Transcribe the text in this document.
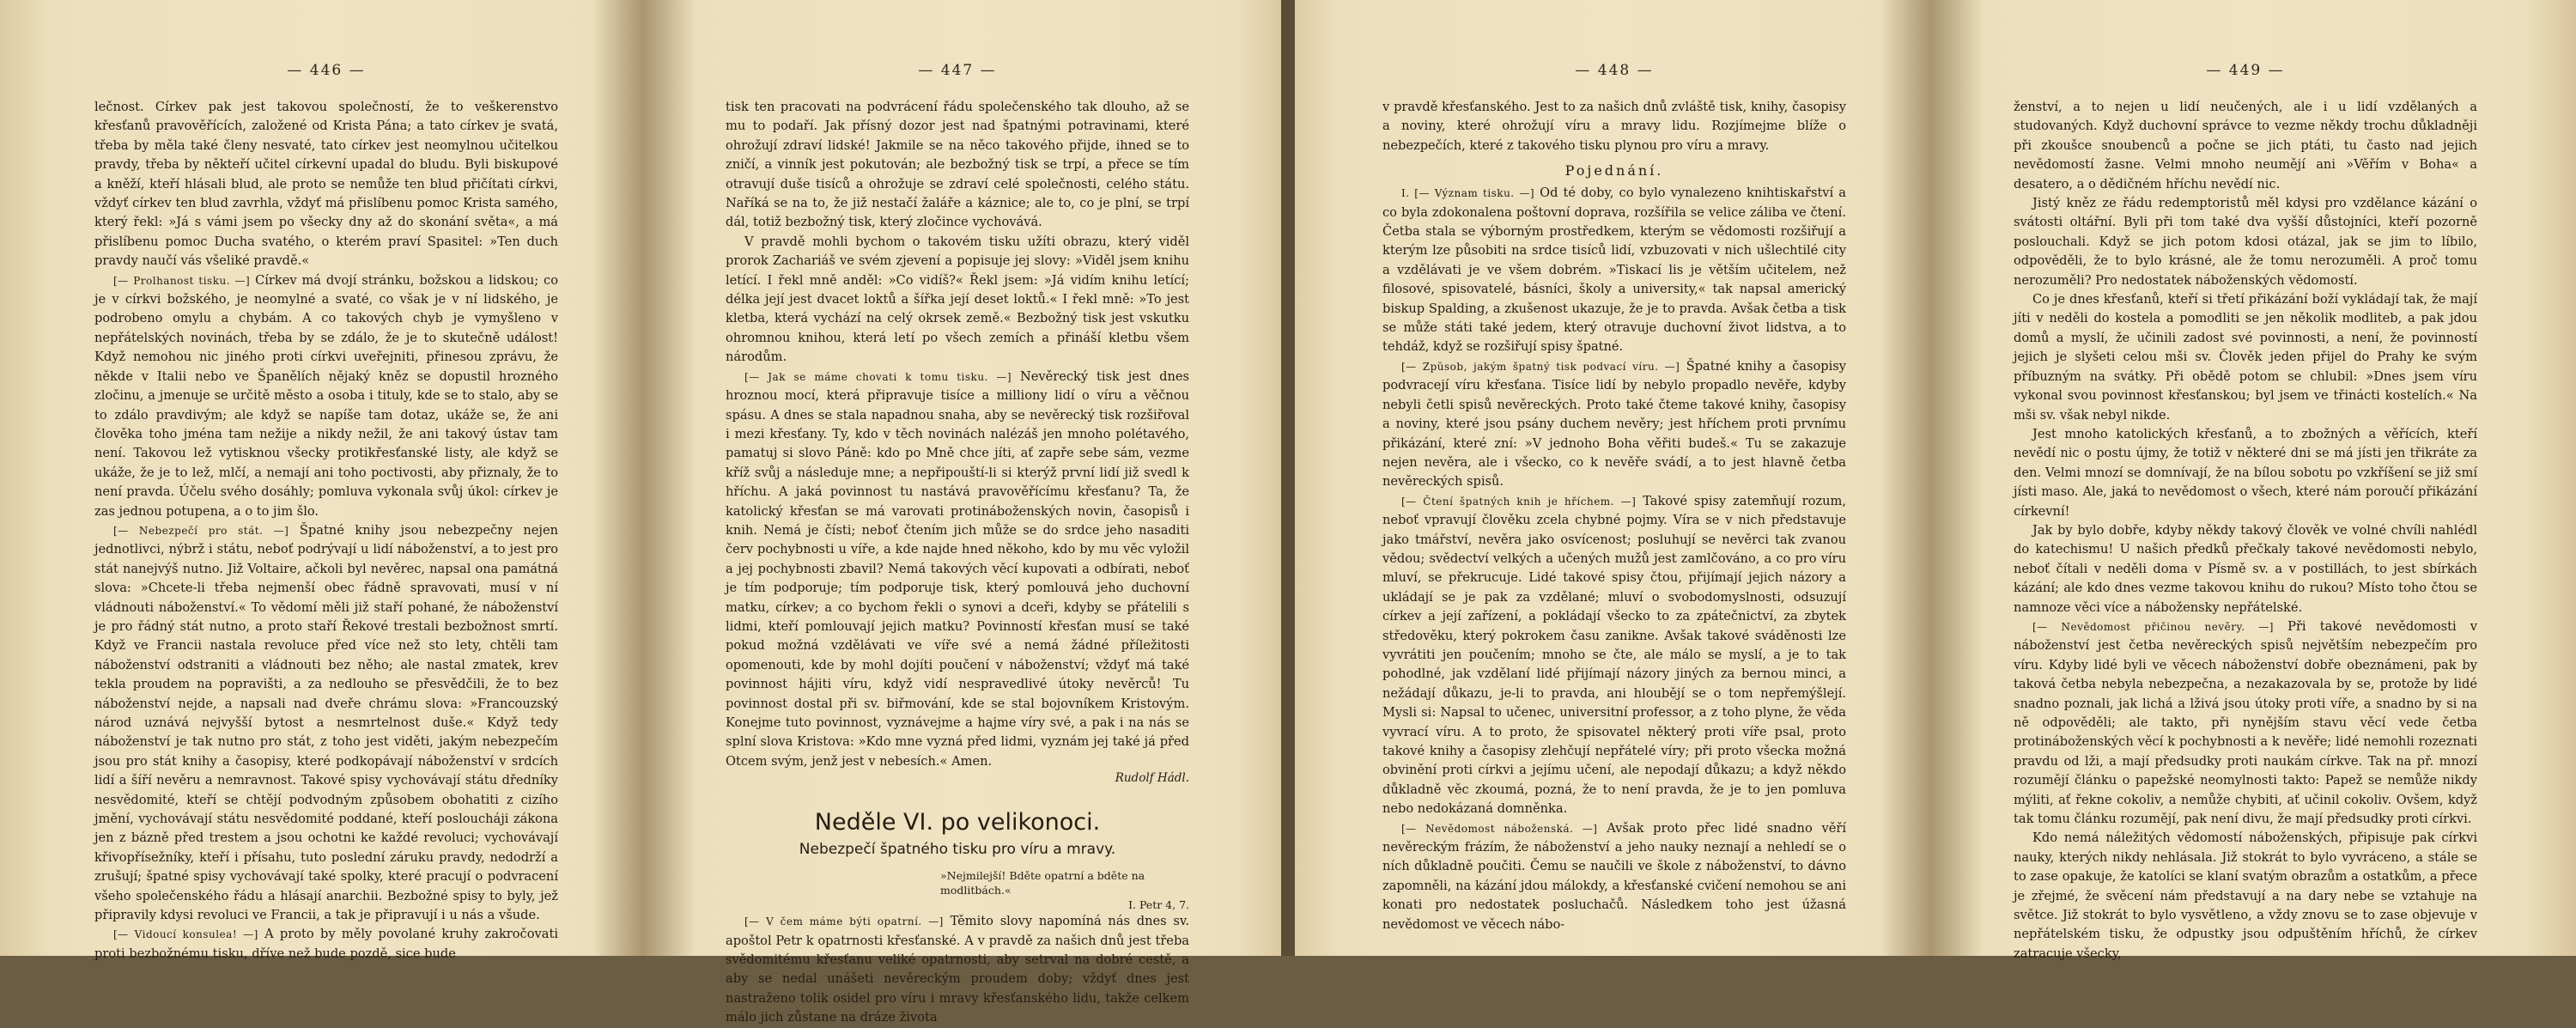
— 446 —

lečnost. Církev pak jest takovou společností, že to veškerenstvo křesťanů pravověřících, založené od Krista Pána; a tato církev je svatá, třeba by měla také členy nesvaté, tato církev jest neomylnou učitelkou pravdy, třeba by někteří učitel církevní upadal do bludu. Byli biskupové a kněží, kteří hlásali blud, ale proto se nemůže ten blud přičítati církvi, vždyť církev ten blud zavrhla, vždyť má přislíbenu pomoc Krista samého, který řekl: »Já s vámi jsem po všecky dny až do skonání světa«, a má přislíbenu pomoc Ducha svatého, o kterém praví Spasitel: »Ten duch pravdy naučí vás všeliké pravdě.«

[— Prolhanost tisku. —] Církev má dvojí stránku, božskou a lidskou; co je v církvi božského, je neomylné a svaté, co však je v ní lidského, je podrobeno omylu a chybám. A co takových chyb je vymyšleno v nepřátelských novinách, třeba by se zdálo, že je to skutečně událost! Když nemohou nic jiného proti církvi uveřejniti, přinesou zprávu, že někde v Italii nebo ve Španělích nějaký kněz se dopustil hrozného zločinu, a jmenuje se určitě město a osoba i tituly, kde se to stalo, aby se to zdálo pravdivým; ale když se napíše tam dotaz, ukáže se, že ani člověka toho jména tam nežije a nikdy nežil, že ani takový ústav tam není. Takovou lež vytisknou všecky protikřesťanské listy, ale když se ukáže, že je to lež, mlčí, a nemají ani toho poctivosti, aby přiznaly, že to není pravda. Účelu svého dosáhly; pomluva vykonala svůj úkol: církev je zas jednou potupena, a o to jim šlo.

[— Nebezpečí pro stát. —] Špatné knihy jsou nebezpečny nejen jednotlivci, nýbrž i státu, neboť podrývají u lidí náboženství, a to jest pro stát nanejvýš nutno. Již Voltaire, ačkoli byl nevěrec, napsal ona památná slova: »Chcete-li třeba nejmenší obec řádně spravovati, musí v ní vládnouti náboženství.« To vědomí měli již staří pohané, že náboženství je pro řádný stát nutno, a proto staří Řekové trestali bezbožnost smrtí. Když ve Francii nastala revoluce před více než sto lety, chtěli tam náboženství odstraniti a vládnouti bez něho; ale nastal zmatek, krev tekla proudem na popravišti, a za nedlouho se přesvědčili, že to bez náboženství nejde, a napsali nad dveře chrámu slova: »Francouzský národ uznává nejvyšší bytost a nesmrtelnost duše.« Když tedy náboženství je tak nutno pro stát, z toho jest viděti, jakým nebezpečím jsou pro stát knihy a časopisy, které podkopávají náboženství v srdcích lidí a šíří nevěru a nemravnost. Takové spisy vychovávají státu dředníky nesvědomité, kteří se chtějí podvodným způsobem obohatiti z cizího jmění, vychovávají státu nesvědomité poddané, kteří posloucháji zákona jen z bázně před trestem a jsou ochotni ke každé revoluci; vychovávají křivopřísežníky, kteří i přísahu, tuto poslední záruku pravdy, nedodrží a zrušují; špatné spisy vychovávají také spolky, které pracují o podvracení všeho společenského řádu a hlásají anarchii. Bezbožné spisy to byly, jež připravily kdysi revoluci ve Francii, a tak je připravují i u nás a všude.

[— Vidoucí konsulea! —] A proto by měly povolané kruhy zakročovati proti bezbožnému tisku, dříve než bude pozdě, sice bude

— 447 —

tisk ten pracovati na podvrácení řádu společenského tak dlouho, až se mu to podaří. Jak přísný dozor jest nad špatnými potravinami, které ohrožují zdraví lidské! Jakmile se na něco takového přijde, ihned se to zničí, a vinník jest pokutován; ale bezbožný tisk se trpí, a přece se tím otravují duše tisíců a ohrožuje se zdraví celé společnosti, celého státu. Naříká se na to, že již nestačí žaláře a káznice; ale to, co je plní, se trpí dál, totiž bezbožný tisk, který zločince vychovává.

V pravdě mohli bychom o takovém tisku užíti obrazu, který viděl prorok Zachariáš ve svém zjevení a popisuje jej slovy: »Viděl jsem knihu letící. I řekl mně anděl: »Co vidíš?« Řekl jsem: »Já vidím knihu letící; délka její jest dvacet loktů a šířka její deset loktů.« I řekl mně: »To jest kletba, která vychází na celý okrsek země.« Bezbožný tisk jest vskutku ohromnou knihou, která letí po všech zemích a přináší kletbu všem národům.

[— Jak se máme chovati k tomu tisku. —] Nevěrecký tisk jest dnes hroznou mocí, která připravuje tisíce a milliony lidí o víru a věčnou spásu. A dnes se stala napadnou snaha, aby se nevěrecký tisk rozšiřoval i mezi křesťany. Ty, kdo v těch novinách nalézáš jen mnoho polétavého, pamatuj si slovo Páně: kdo po Mně chce jíti, ať zapře sebe sám, vezme kříž svůj a následuje mne; a nepřipouští-li si kterýž první lidí již svedl k hříchu. A jaká povinnost tu nastává pravověřícímu křesťanu? Ta, že katolický křesťan se má varovati protináboženských novin, časopisů i knih. Nemá je čísti; neboť čtením jich může se do srdce jeho nasaditi červ pochybnosti u víře, a kde najde hned někoho, kdo by mu věc vyložil a jej pochybnosti zbavil? Nemá takových věcí kupovati a odbírati, neboť je tím podporuje; tím podporuje tisk, který pomlouvá jeho duchovní matku, církev; a co bychom řekli o synovi a dceři, kdyby se přátelili s lidmi, kteří pomlouvají jejich matku? Povinností křesťan musí se také pokud možná vzdělávati ve víře své a nemá žádné příležitosti opomenouti, kde by mohl dojíti poučení v náboženství; vždyť má také povinnost hájiti víru, když vidí nespravedlivé útoky nevěrců! Tu povinnost dostal při sv. biřmování, kde se stal bojovníkem Kristovým. Konejme tuto povinnost, vyznávejme a hajme víry své, a pak i na nás se splní slova Kristova: »Kdo mne vyzná před lidmi, vyznám jej také já před Otcem svým, jenž jest v nebesích.« Amen.

Rudolf Hádl.
Neděle VI. po velikonoci.
Nebezpečí špatného tisku pro víru a mravy.
»Nejmilejší! Bděte opatrní a bděte na modlitbách.«
I. Petr 4, 7.

[— V čem máme býti opatrní. —] Těmito slovy napomíná nás dnes sv. apoštol Petr k opatrnosti křesťanské. A v pravdě za našich dnů jest třeba svědomitému křesťanu veliké opatrnosti, aby setrval na dobré cestě, a aby se nedal unášeti nevěreckým proudem doby; vždyť dnes jest nastraženo tolik osidel pro víru i mravy křesťanského lidu, takže celkem málo jich zůstane na dráze života

— 448 —

v pravdě křesťanského. Jest to za našich dnů zvláště tisk, knihy, časopisy a noviny, které ohrožují víru a mravy lidu. Rozjímejme blíže o nebezpečích, které z takového tisku plynou pro víru a mravy.

Pojednání.

I. [— Význam tisku. —] Od té doby, co bylo vynalezeno knihtiskařství a co byla zdokonalena poštovní doprava, rozšířila se velice záliba ve čtení. Četba stala se výborným prostředkem, kterým se vědomosti rozšiřují a kterým lze působiti na srdce tisíců lidí, vzbuzovati v nich ušlechtilé city a vzdělávati je ve všem dobrém. »Tiskací lis je větším učitelem, než filosové, spisovatelé, básníci, školy a university,« tak napsal americký biskup Spalding, a zkušenost ukazuje, že je to pravda. Avšak četba a tisk se může státi také jedem, který otravuje duchovní život lidstva, a to tehdáž, když se rozšiřují spisy špatné.

[— Zpŭsob, jakým špatný tisk podvací víru. —] Špatné knihy a časopisy podvracejí víru křesťana. Tisíce lidí by nebylo propadlo nevěře, kdyby nebyli četli spisů nevěreckých. Proto také čteme takové knihy, časopisy a noviny, které jsou psány duchem nevěry; jest hříchem proti prvnímu přikázání, které zní: »V jednoho Boha věřiti budeš.« Tu se zakazuje nejen nevěra, ale i všecko, co k nevěře svádí, a to jest hlavně četba nevěreckých spisů.

[— Čtení špatných knih je hříchem. —] Takové spisy zatemňují rozum, neboť vpravují člověku zcela chybné pojmy. Víra se v nich představuje jako tmářství, nevěra jako osvícenost; posluhují se nevěrci tak zvanou vědou; svědectví velkých a učených mužů jest zamlčováno, a co pro víru mluví, se překrucuje. Lidé takové spisy čtou, přijímají jejich názory a ukládají se je pak za vzdělané; mluví o svobodomyslnosti, odsuzují církev a její zařízení, a pokládají všecko to za zpátečnictví, za zbytek středověku, který pokrokem času zanikne. Avšak takové sváděnosti lze vyvrátiti jen poučením; mnoho se čte, ale málo se myslí, a je to tak pohodlné, jak vzdělaní lidé přijímají názory jiných za bernou minci, a nežádají důkazu, je-li to pravda, ani hloubějí se o tom nepřemýšlejí. Mysli si: Napsal to učenec, universitní professor, a z toho plyne, že věda vyvrací víru. A to proto, že spisovatel některý proti víře psal, proto takové knihy a časopisy zlehčují nepřátelé víry; při proto všecka možná obvinění proti církvi a jejímu učení, ale nepodají důkazu; a když někdo důkladně věc zkoumá, pozná, že to není pravda, že je to jen pomluva nebo nedokázaná domněnka.

[— Nevědomost náboženská. —] Avšak proto přec lidé snadno věří nevěreckým frázím, že náboženství a jeho nauky neznají a nehledí se o ních důkladně poučiti. Čemu se naučili ve škole z náboženství, to dávno zapomněli, na kázání jdou málokdy, a křesťanské cvičení nemohou se ani konati pro nedostatek posluchačů. Následkem toho jest úžasná nevědomost ve věcech nábo-

— 449 —

ženství, a to nejen u lidí neučených, ale i u lidí vzdělaných a studovaných. Když duchovní správce to vezme někdy trochu důkladněji při zkoušce snoubenců a počne se jich ptáti, tu často nad jejich nevědomostí žasne. Velmi mnoho neumějí ani »Věřím v Boha« a desatero, a o dědičném hříchu nevědí nic.

Jistý kněz ze řádu redemptoristů měl kdysi pro vzdělance kázání o svátosti oltářní. Byli při tom také dva vyšší důstojníci, kteří pozorně poslouchali. Když se jich potom kdosi otázal, jak se jim to líbilo, odpověděli, že to bylo krásné, ale že tomu nerozuměli. A proč tomu nerozuměli? Pro nedostatek náboženských vědomostí.

Co je dnes křesťanů, kteří si třetí přikázání boží vykládají tak, že mají jíti v neděli do kostela a pomodliti se jen několik modliteb, a pak jdou domů a myslí, že učinili zadost své povinnosti, a není, že povinností jejich je slyšeti celou mši sv. Člověk jeden přijel do Prahy ke svým příbuzným na svátky. Při obědě potom se chlubil: »Dnes jsem víru vykonal svou povinnost křesťanskou; byl jsem ve třinácti kostelích.« Na mši sv. však nebyl nikde.

Jest mnoho katolických křesťanů, a to zbožných a věřících, kteří nevědí nic o postu újmy, že totiž v některé dni se má jísti jen třikráte za den. Velmi mnozí se domnívají, že na bílou sobotu po vzkříšení se již smí jísti maso. Ale, jaká to nevědomost o všech, které nám poroučí přikázání církevní!

Jak by bylo dobře, kdyby někdy takový člověk ve volné chvíli nahlédl do katechismu! U našich předků přečkaly takové nevědomosti nebylo, neboť čítali v neděli doma v Písmě sv. a v postillách, to jest sbírkách kázání; ale kdo dnes vezme takovou knihu do rukou? Místo toho čtou se namnoze věci více a nábožensky nepřátelské.

[— Nevědomost přičinou nevěry. —] Při takové nevědomosti v náboženství jest četba nevěreckých spisů největším nebezpečím pro víru. Kdyby lidé byli ve věcech náboženství dobře obeznámeni, pak by taková četba nebyla nebezpečna, a nezakazovala by se, protože by lidé snadno poznali, jak lichá a lživá jsou útoky proti víře, a snadno by si na ně odpověděli; ale takto, při nynějším stavu věcí vede četba protináboženských věcí k pochybnosti a k nevěře; lidé nemohli rozeznati pravdu od lži, a mají předsudky proti naukám církve. Tak na př. mnozí rozumějí článku o papežské neomylnosti takto: Papež se nemůže nikdy mýliti, ať řekne cokoliv, a nemůže chybiti, ať učinil cokoliv. Ovšem, když tak tomu článku rozumějí, pak není divu, že mají předsudky proti církvi.

Kdo nemá náležitých vědomostí náboženských, připisuje pak církvi nauky, kterých nikdy nehlásala. Již stokrát to bylo vyvráceno, a stále se to zase opakuje, že katolíci se klaní svatým obrazům a ostatkům, a přece je zřejmé, že svěcení nám představují a na dary nebe se vztahuje na světce. Již stokrát to bylo vysvětleno, a vždy znovu se to zase objevuje v nepřátelském tisku, že odpustky jsou odpuštěním hříchů, že církev zatracuje všecky,
